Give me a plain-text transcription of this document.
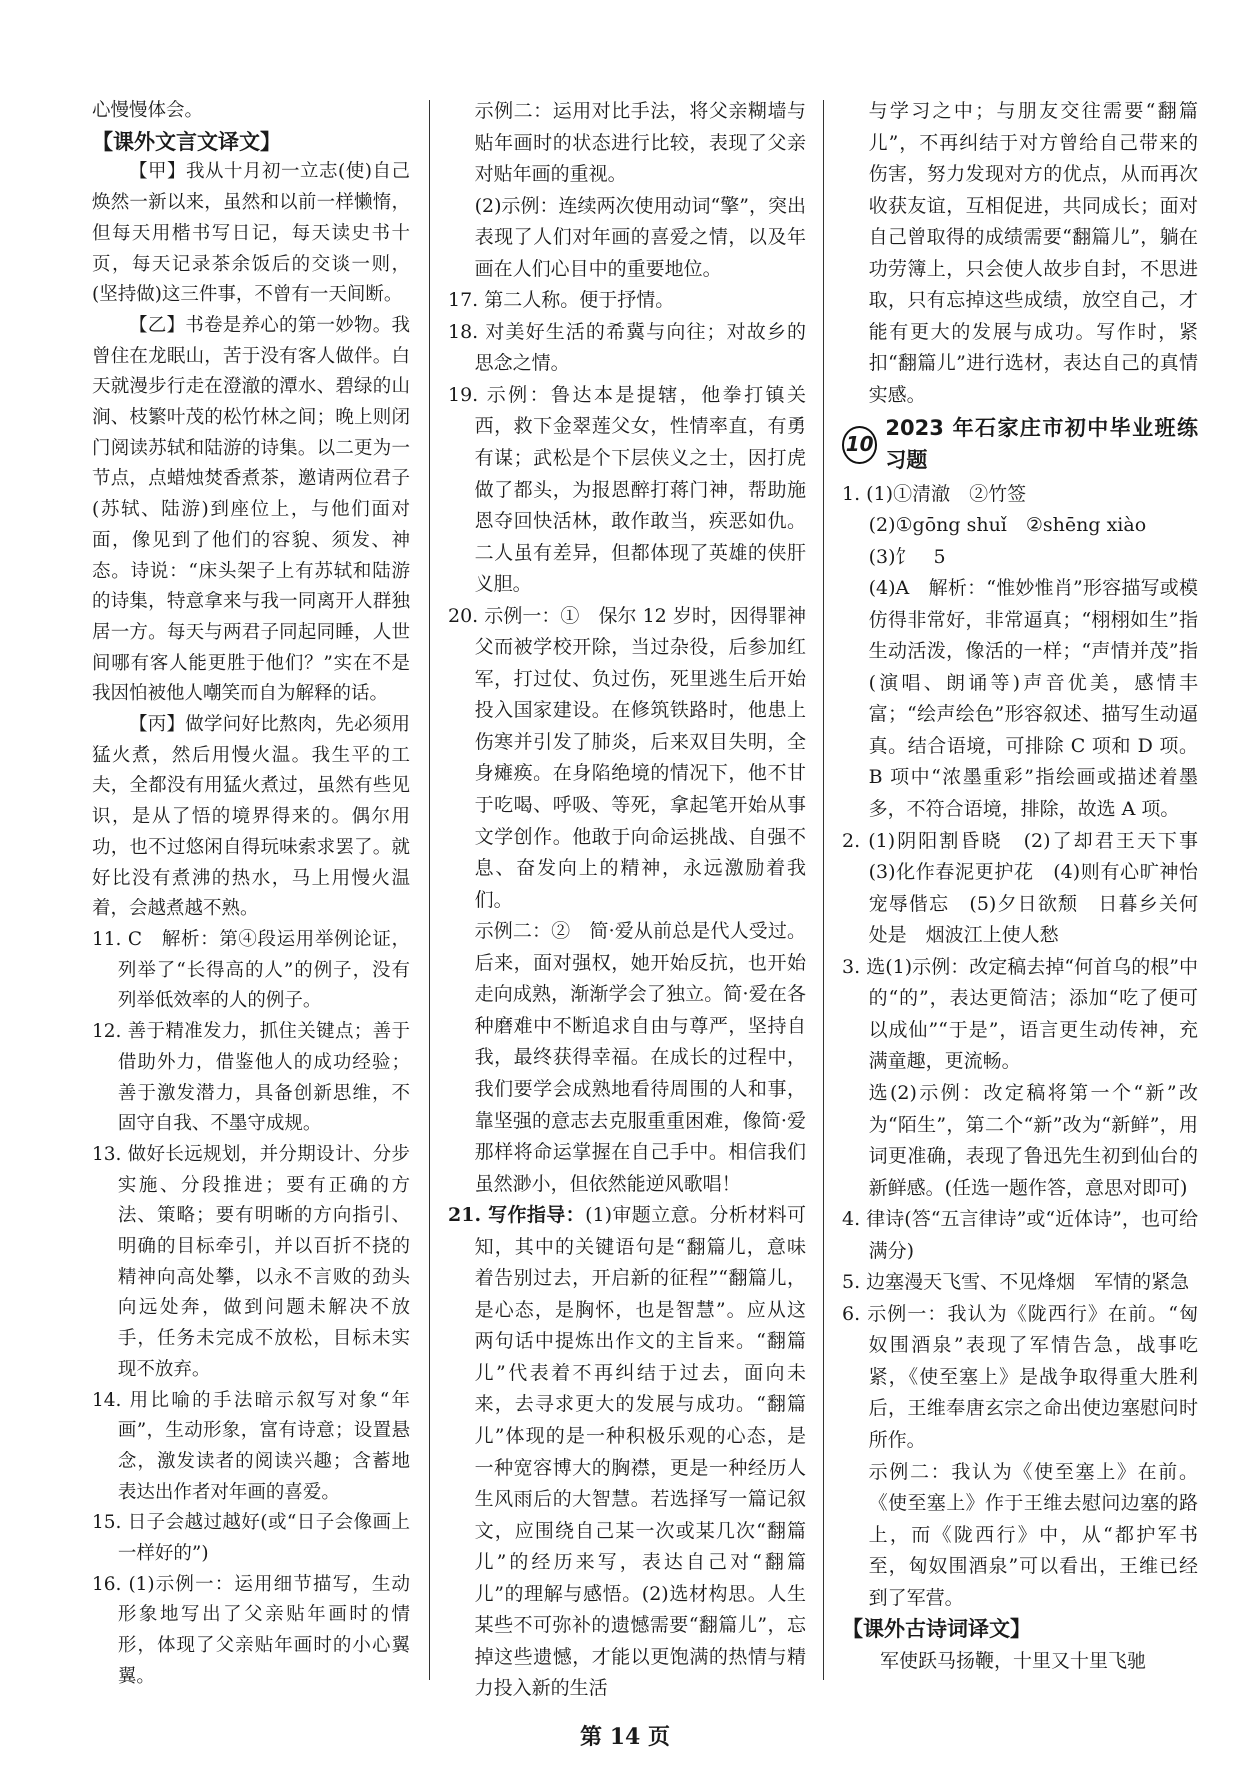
心慢慢体会。
【课外文言文译文】
【甲】我从十月初一立志(使)自己焕然一新以来，虽然和以前一样懒惰，但每天用楷书写日记，每天读史书十页，每天记录茶余饭后的交谈一则，(坚持做)这三件事，不曾有一天间断。
【乙】书卷是养心的第一妙物。我曾住在龙眠山，苦于没有客人做伴。白天就漫步行走在澄澈的潭水、碧绿的山涧、枝繁叶茂的松竹林之间；晚上则闭门阅读苏轼和陆游的诗集。以二更为一节点，点蜡烛焚香煮茶，邀请两位君子(苏轼、陆游)到座位上，与他们面对面，像见到了他们的容貌、须发、神态。诗说：“床头架子上有苏轼和陆游的诗集，特意拿来与我一同离开人群独居一方。每天与两君子同起同睡，人世间哪有客人能更胜于他们？”实在不是我因怕被他人嘲笑而自为解释的话。
【丙】做学问好比熬肉，先必须用猛火煮，然后用慢火温。我生平的工夫，全都没有用猛火煮过，虽然有些见识，是从了悟的境界得来的。偶尔用功，也不过悠闲自得玩味索求罢了。就好比没有煮沸的热水，马上用慢火温着，会越煮越不熟。
11. C　解析：第④段运用举例论证，列举了“长得高的人”的例子，没有列举低效率的人的例子。
12. 善于精准发力，抓住关键点；善于借助外力，借鉴他人的成功经验；善于激发潜力，具备创新思维，不固守自我、不墨守成规。
13. 做好长远规划，并分期设计、分步实施、分段推进；要有正确的方法、策略；要有明晰的方向指引、明确的目标牵引，并以百折不挠的精神向高处攀，以永不言败的劲头向远处奔，做到问题未解决不放手，任务未完成不放松，目标未实现不放弃。
14. 用比喻的手法暗示叙写对象“年画”，生动形象，富有诗意；设置悬念，激发读者的阅读兴趣；含蓄地表达出作者对年画的喜爱。
15. 日子会越过越好(或“日子会像画上一样好的”)
16. (1)示例一：运用细节描写，生动形象地写出了父亲贴年画时的情形，体现了父亲贴年画时的小心翼翼。
示例二：运用对比手法，将父亲糊墙与贴年画时的状态进行比较，表现了父亲对贴年画的重视。
(2)示例：连续两次使用动词“擎”，突出表现了人们对年画的喜爱之情，以及年画在人们心目中的重要地位。
17. 第二人称。便于抒情。
18. 对美好生活的希冀与向往；对故乡的思念之情。
19. 示例：鲁达本是提辖，他拳打镇关西，救下金翠莲父女，性情率直，有勇有谋；武松是个下层侠义之士，因打虎做了都头，为报恩醉打蒋门神，帮助施恩夺回快活林，敢作敢当，疾恶如仇。二人虽有差异，但都体现了英雄的侠肝义胆。
20. 示例一：①　保尔 12 岁时，因得罪神父而被学校开除，当过杂役，后参加红军，打过仗、负过伤，死里逃生后开始投入国家建设。在修筑铁路时，他患上伤寒并引发了肺炎，后来双目失明，全身瘫痪。在身陷绝境的情况下，他不甘于吃喝、呼吸、等死，拿起笔开始从事文学创作。他敢于向命运挑战、自强不息、奋发向上的精神，永远激励着我们。
示例二：②　简·爱从前总是代人受过。后来，面对强权，她开始反抗，也开始走向成熟，渐渐学会了独立。简·爱在各种磨难中不断追求自由与尊严，坚持自我，最终获得幸福。在成长的过程中，我们要学会成熟地看待周围的人和事，靠坚强的意志去克服重重困难，像简·爱那样将命运掌握在自己手中。相信我们虽然渺小，但依然能逆风歌唱！
21. 写作指导：(1)审题立意。分析材料可知，其中的关键语句是“翻篇儿，意味着告别过去，开启新的征程”“翻篇儿，是心态，是胸怀，也是智慧”。应从这两句话中提炼出作文的主旨来。“翻篇儿”代表着不再纠结于过去，面向未来，去寻求更大的发展与成功。“翻篇儿”体现的是一种积极乐观的心态，是一种宽容博大的胸襟，更是一种经历人生风雨后的大智慧。若选择写一篇记叙文，应围绕自己某一次或某几次“翻篇儿”的经历来写，表达自己对“翻篇儿”的理解与感悟。(2)选材构思。人生某些不可弥补的遗憾需要“翻篇儿”，忘掉这些遗憾，才能以更饱满的热情与精力投入新的生活
与学习之中；与朋友交往需要“翻篇儿”，不再纠结于对方曾给自己带来的伤害，努力发现对方的优点，从而再次收获友谊，互相促进，共同成长；面对自己曾取得的成绩需要“翻篇儿”，躺在功劳簿上，只会使人故步自封，不思进取，只有忘掉这些成绩，放空自己，才能有更大的发展与成功。写作时，紧扣“翻篇儿”进行选材，表达自己的真情实感。
10
2023 年石家庄市初中毕业班练习题
1. (1)①清澈　②竹签
(2)①gōng shuǐ　②shēng xiào
(3)饣　5
(4)A　解析：“惟妙惟肖”形容描写或模仿得非常好，非常逼真；“栩栩如生”指生动活泼，像活的一样；“声情并茂”指(演唱、朗诵等)声音优美，感情丰富；“绘声绘色”形容叙述、描写生动逼真。结合语境，可排除 C 项和 D 项。B 项中“浓墨重彩”指绘画或描述着墨多，不符合语境，排除，故选 A 项。
2. (1)阴阳割昏晓　(2)了却君王天下事　(3)化作春泥更护花　(4)则有心旷神怡　宠辱偕忘　(5)夕日欲颓　日暮乡关何处是　烟波江上使人愁
3. 选(1)示例：改定稿去掉“何首乌的根”中的“的”，表达更简洁；添加“吃了便可以成仙”“于是”，语言更生动传神，充满童趣，更流畅。
选(2)示例：改定稿将第一个“新”改为“陌生”，第二个“新”改为“新鲜”，用词更准确，表现了鲁迅先生初到仙台的新鲜感。(任选一题作答，意思对即可)
4. 律诗(答“五言律诗”或“近体诗”，也可给满分)
5. 边塞漫天飞雪、不见烽烟　军情的紧急
6. 示例一：我认为《陇西行》在前。“匈奴围酒泉”表现了军情告急，战事吃紧，《使至塞上》是战争取得重大胜利后，王维奉唐玄宗之命出使边塞慰问时所作。
示例二：我认为《使至塞上》在前。《使至塞上》作于王维去慰问边塞的路上，而《陇西行》中，从“都护军书至，匈奴围酒泉”可以看出，王维已经到了军营。
【课外古诗词译文】
军使跃马扬鞭，十里又十里飞驰
第 14 页
